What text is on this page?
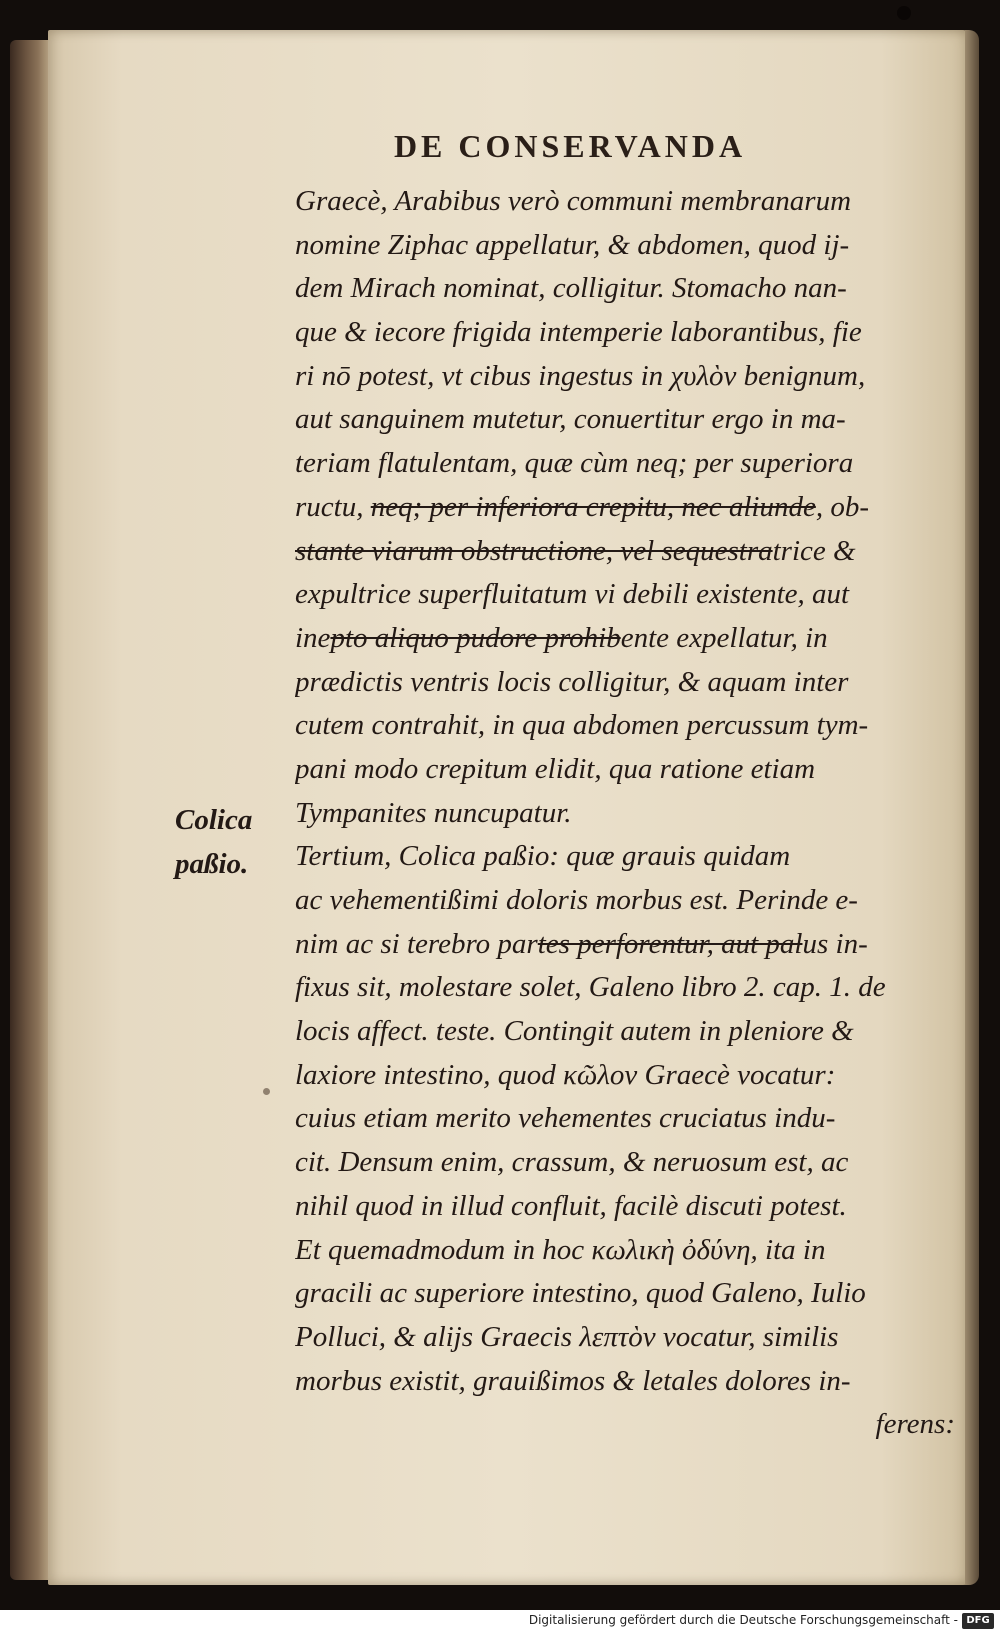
DE CONSERVANDA
Colica
paßio.
Graecè, Arabibus verò communi membranarum
nomine Ziphac appellatur, & abdomen, quod ij-
dem Mirach nominat, colligitur. Stomacho nan-
que & iecore frigida intemperie laborantibus, fie
ri nō potest, vt cibus ingestus in χυλὸν benignum,
aut sanguinem mutetur, conuertitur ergo in ma-
teriam flatulentam, quæ cùm neq; per superiora
ructu, neq; per inferiora crepitu, nec aliunde, ob-
stante viarum obstructione, vel sequestratrice &
expultrice superfluitatum vi debili existente, aut
inepto aliquo pudore prohibente expellatur, in
prædictis ventris locis colligitur, & aquam inter
cutem contrahit, in qua abdomen percussum tym-
pani modo crepitum elidit, qua ratione etiam
Tympanites nuncupatur.
Tertium, Colica paßio: quæ grauis quidam
ac vehementißimi doloris morbus est. Perinde e-
nim ac si terebro partes perforentur, aut palus in-
fixus sit, molestare solet, Galeno libro 2. cap. 1. de
locis affect. teste. Contingit autem in pleniore &
laxiore intestino, quod κῶλον Graecè vocatur:
cuius etiam merito vehementes cruciatus indu-
cit. Densum enim, crassum, & neruosum est, ac
nihil quod in illud confluit, facilè discuti potest.
Et quemadmodum in hoc κωλικὴ ὀδύνη, ita in
gracili ac superiore intestino, quod Galeno, Iulio
Polluci, & alijs Graecis λεπτὸν vocatur, similis
morbus existit, grauißimos & letales dolores in-
ferens:
Digitalisierung gefördert durch die Deutsche Forschungsgemeinschaft - DFG
